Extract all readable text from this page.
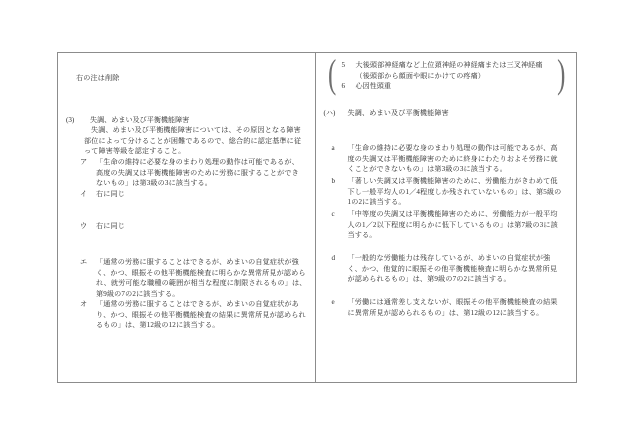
右の注は削除
(3) 失調、めまい及び平衡機能障害
失調、めまい及び平衡機能障害については、その原因となる障害部位によって分けることが困難であるので、総合的に認定基準に従って障害等級を認定すること。
ア 「生命の維持に必要な身のまわり処理の動作は可能であるが、高度の失調又は平衡機能障害のために労務に服することができないもの」は第3級の3に該当する。
イ 右に同じ
ウ 右に同じ
エ 「通常の労務に服することはできるが、めまいの自覚症状が強く、かつ、眼振その他平衡機能検査に明らかな異常所見が認められ、就労可能な職種の範囲が相当な程度に制限されるもの」は、第9級の7の2に該当する。
オ 「通常の労務に服することはできるが、めまいの自覚症状があり、かつ、眼振その他平衡機能検査の結果に異常所見が認められるもの」は、第12級の12に該当する。
(	)
5 大後頭部神経痛など上位頚神経の神経痛または三叉神経痛（後頭部から顔面や眼にかけての疼痛）
6 心因性頭重
(ハ) 失調、めまい及び平衡機能障害
a 「生命の維持に必要な身のまわり処理の動作は可能であるが、高度の失調又は平衡機能障害のために終身にわたりおよそ労務に就くことができないもの」は第3級の3に該当する。
b 「著しい失調又は平衡機能障害のために、労働能力がきわめて低下し一般平均人の1／4程度しか残されていないもの」は、第5級の1の2に該当する。
c 「中等度の失調又は平衡機能障害のために、労働能力が一般平均人の1／2以下程度に明らかに低下しているもの」は第7級の3に該当する。
d 「一般的な労働能力は残存しているが、めまいの自覚症状が強く、かつ、他覚的に眼振その他平衡機能検査に明らかな異常所見が認められるもの」は、第9級の7の2に該当する。
e 「労働には通常差し支えないが、眼振その他平衡機能検査の結果に異常所見が認められるもの」は、第12級の12に該当する。
